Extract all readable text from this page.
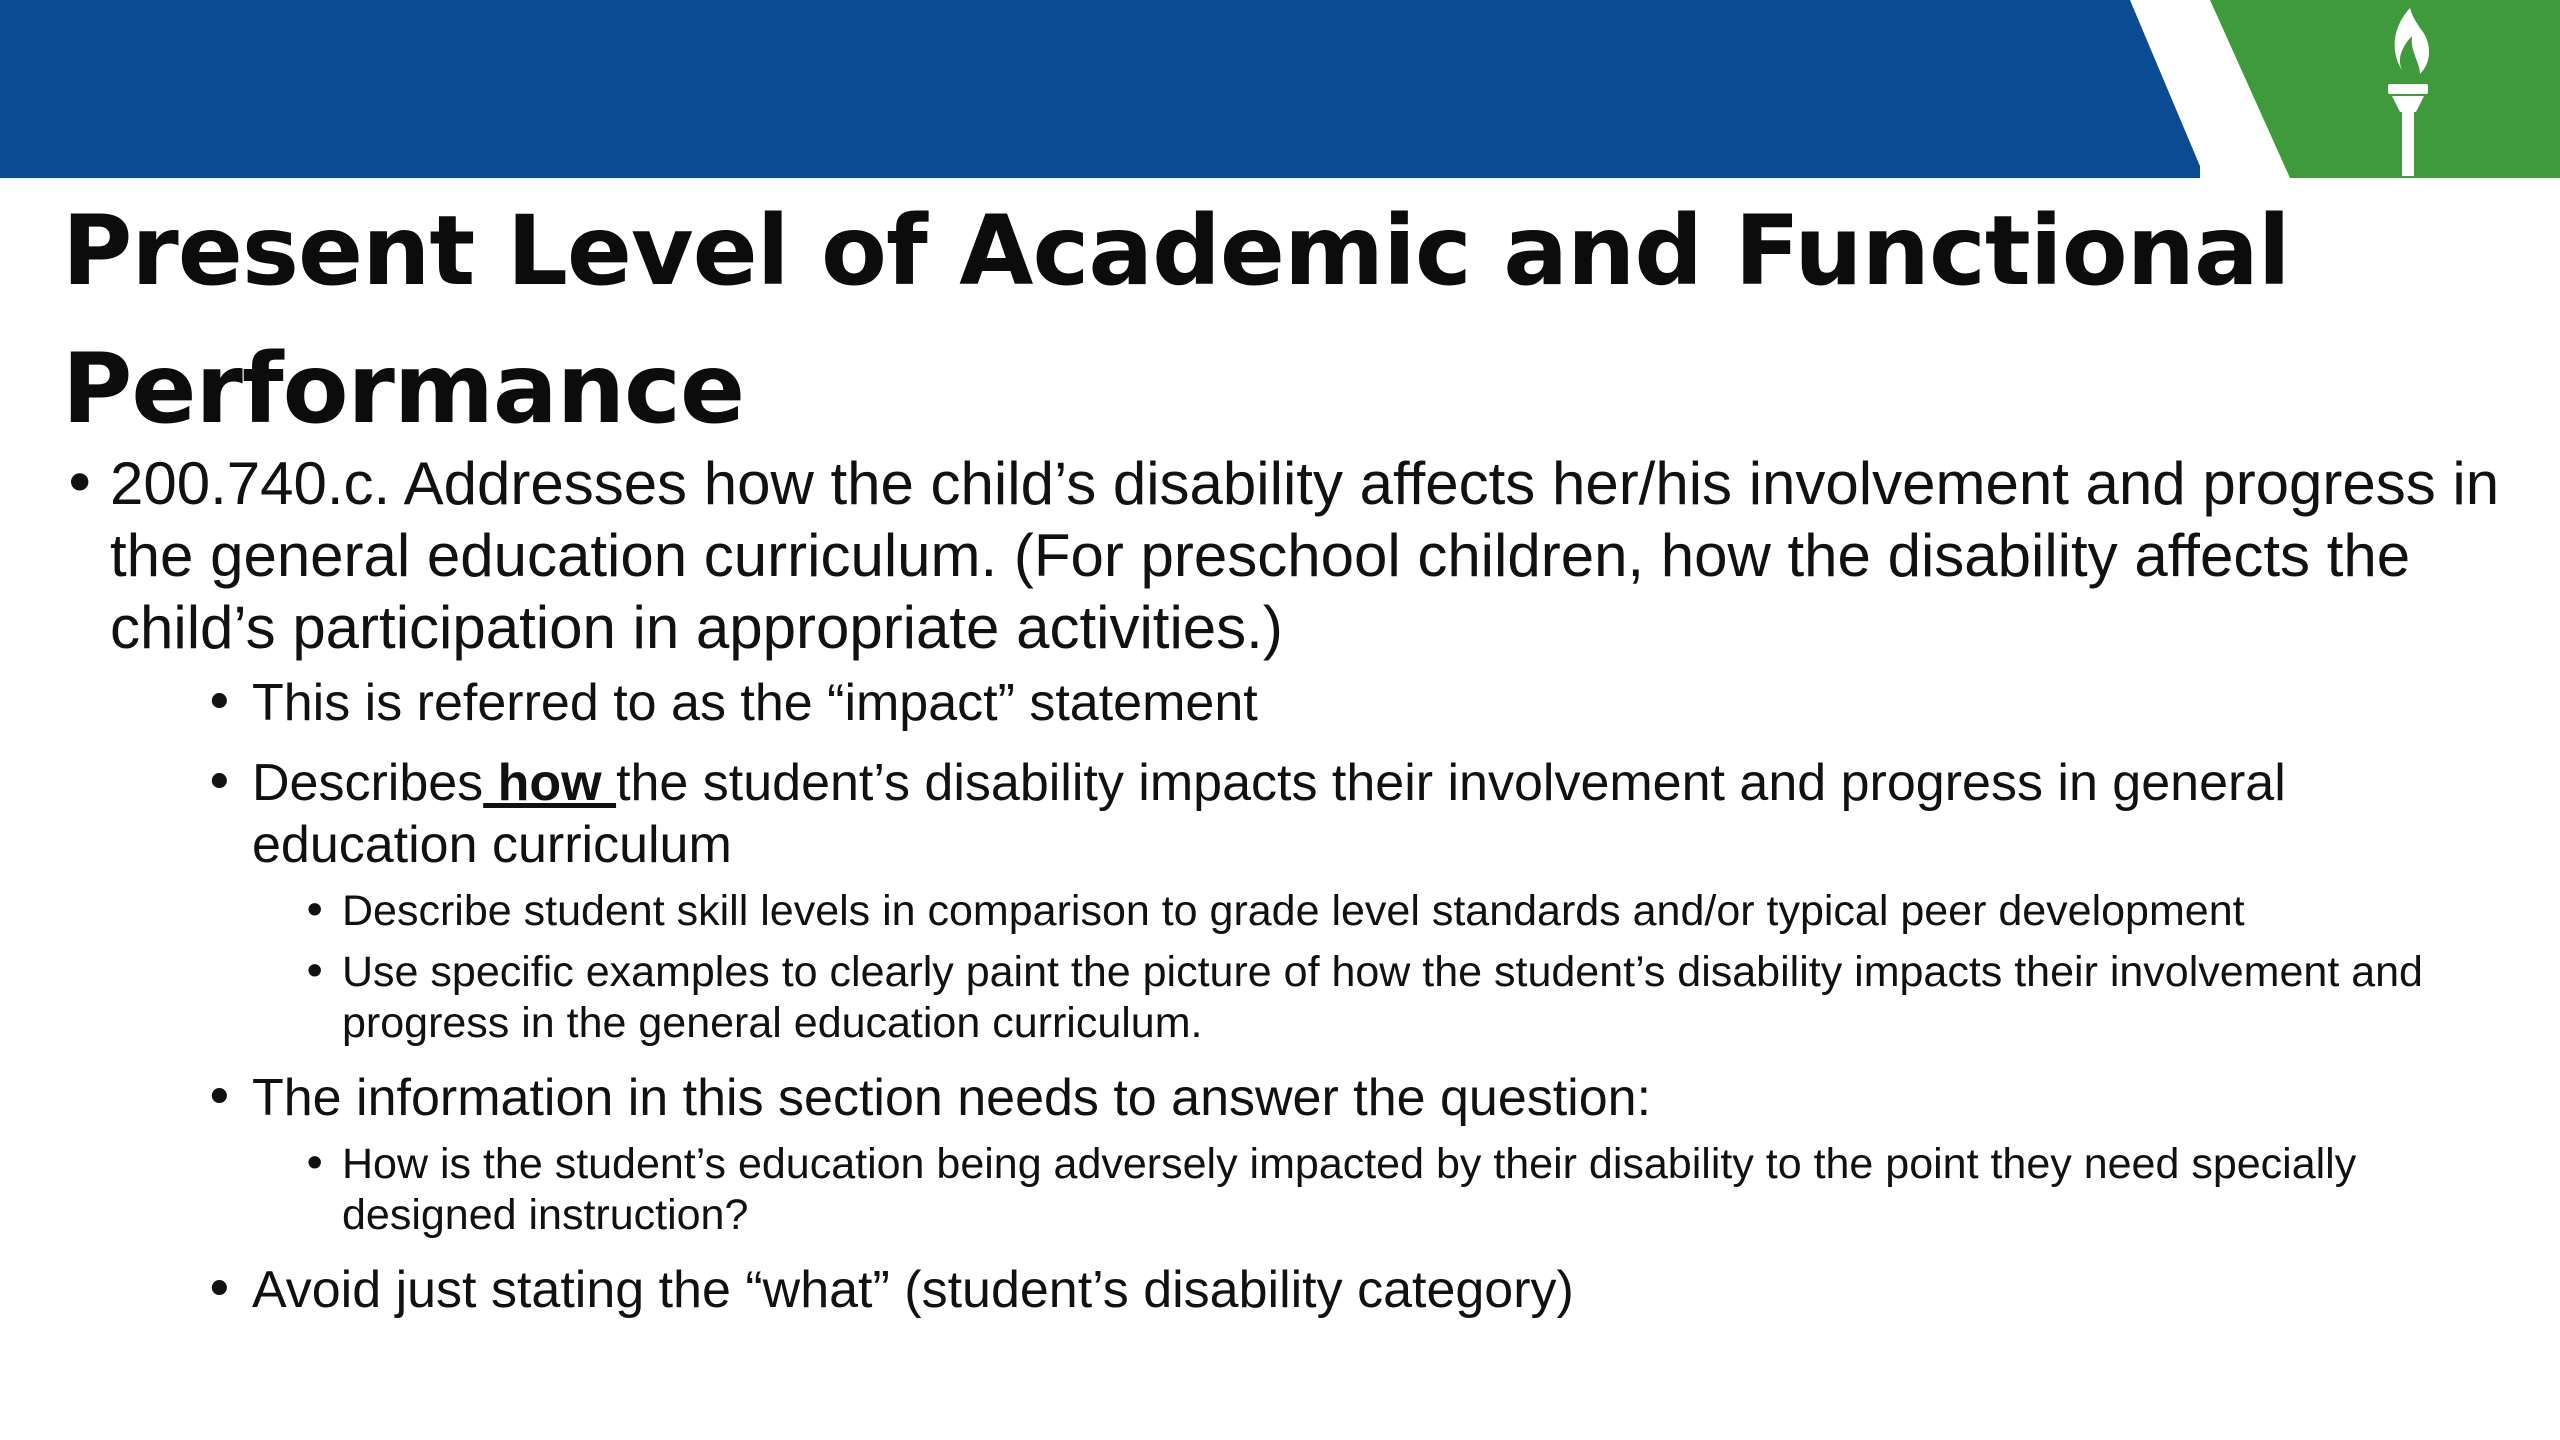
Present Level of Academic and Functional Performance
• 200.740.c. Addresses how the child’s disability affects her/his involvement and progress in the general education curriculum. (For preschool children, how the disability affects the child’s participation in appropriate activities.)
• This is referred to as the “impact” statement
• Describes how the student’s disability impacts their involvement and progress in general education curriculum
• Describe student skill levels in comparison to grade level standards and/or typical peer development
• Use specific examples to clearly paint the picture of how the student’s disability impacts their involvement and progress in the general education curriculum.
• The information in this section needs to answer the question:
• How is the student’s education being adversely impacted by their disability to the point they need specially designed instruction?
• Avoid just stating the “what” (student’s disability category)
